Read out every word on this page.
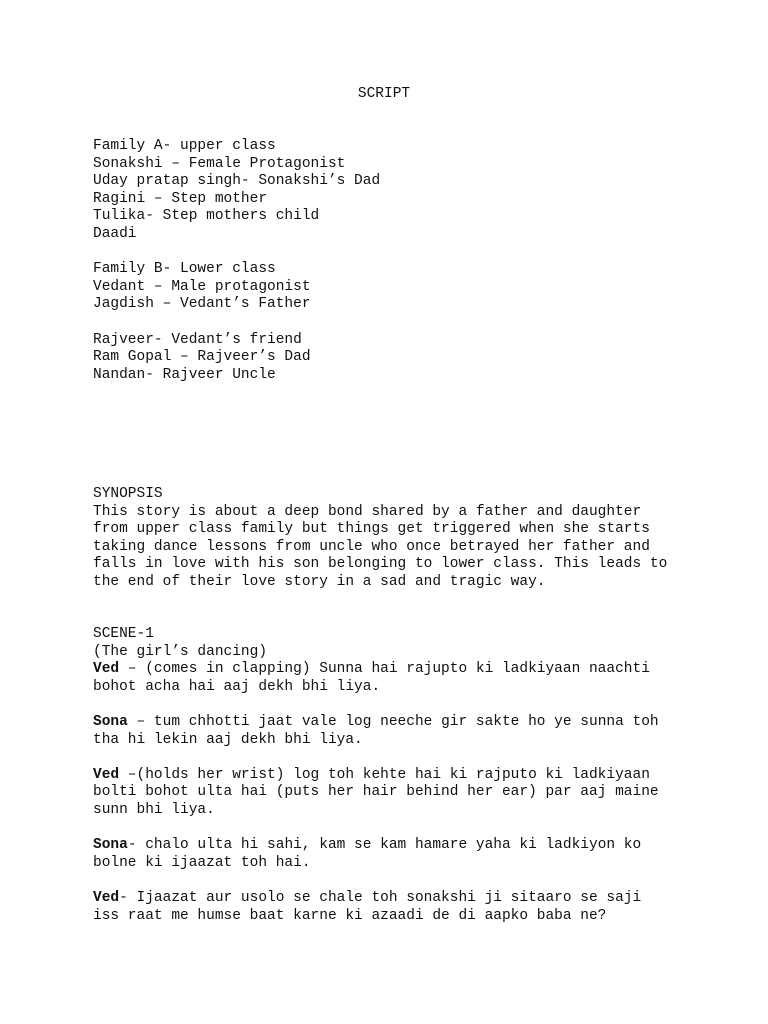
SCRIPT
Family A- upper class
Sonakshi – Female Protagonist
Uday pratap singh- Sonakshi’s Dad
Ragini – Step mother
Tulika- Step mothers child
Daadi
Family B- Lower class
Vedant – Male protagonist
Jagdish – Vedant’s Father
Rajveer- Vedant’s friend
Ram Gopal – Rajveer’s Dad
Nandan- Rajveer Uncle
SYNOPSIS
This story is about a deep bond shared by a father and daughter
from upper class family but things get triggered when she starts
taking dance lessons from uncle who once betrayed her father and
falls in love with his son belonging to lower class. This leads to
the end of their love story in a sad and tragic way.
SCENE-1
(The girl’s dancing)
Ved – (comes in clapping) Sunna hai rajupto ki ladkiyaan naachti
bohot acha hai aaj dekh bhi liya.
Sona – tum chhotti jaat vale log neeche gir sakte ho ye sunna toh
tha hi lekin aaj dekh bhi liya.
Ved –(holds her wrist) log toh kehte hai ki rajputo ki ladkiyaan
bolti bohot ulta hai (puts her hair behind her ear) par aaj maine
sunn bhi liya.
Sona- chalo ulta hi sahi, kam se kam hamare yaha ki ladkiyon ko
bolne ki ijaazat toh hai.
Ved- Ijaazat aur usolo se chale toh sonakshi ji sitaaro se saji
iss raat me humse baat karne ki azaadi de di aapko baba ne?
